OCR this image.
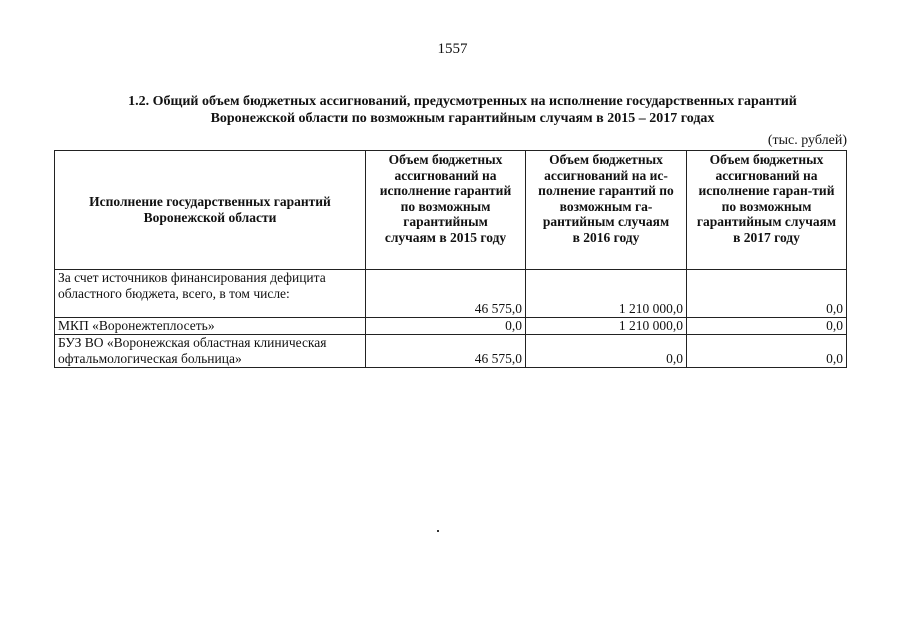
1557
1.2. Общий объем бюджетных ассигнований, предусмотренных на исполнение государственных гарантий
Воронежской области по возможным гарантийным случаям в 2015 – 2017 годах
(тыс. рублей)
Исполнение государственных гарантий Воронежской области	Объем бюджетных ассигнований на исполнение гарантий по возможным гарантийным случаям в 2015 году	Объем бюджетных ассигнований на ис-полнение гарантий по возможным га-рантийным случаям в 2016 году	Объем бюджетных ассигнований на исполнение гаран-тий по возможным гарантийным случаям в 2017 году
За счет источников финансирования дефицита областного бюджета, всего, в том числе:	46 575,0	1 210 000,0	0,0
МКП «Воронежтеплосеть»	0,0	1 210 000,0	0,0
БУЗ ВО «Воронежская областная клиническая офтальмологическая больница»	46 575,0	0,0	0,0
